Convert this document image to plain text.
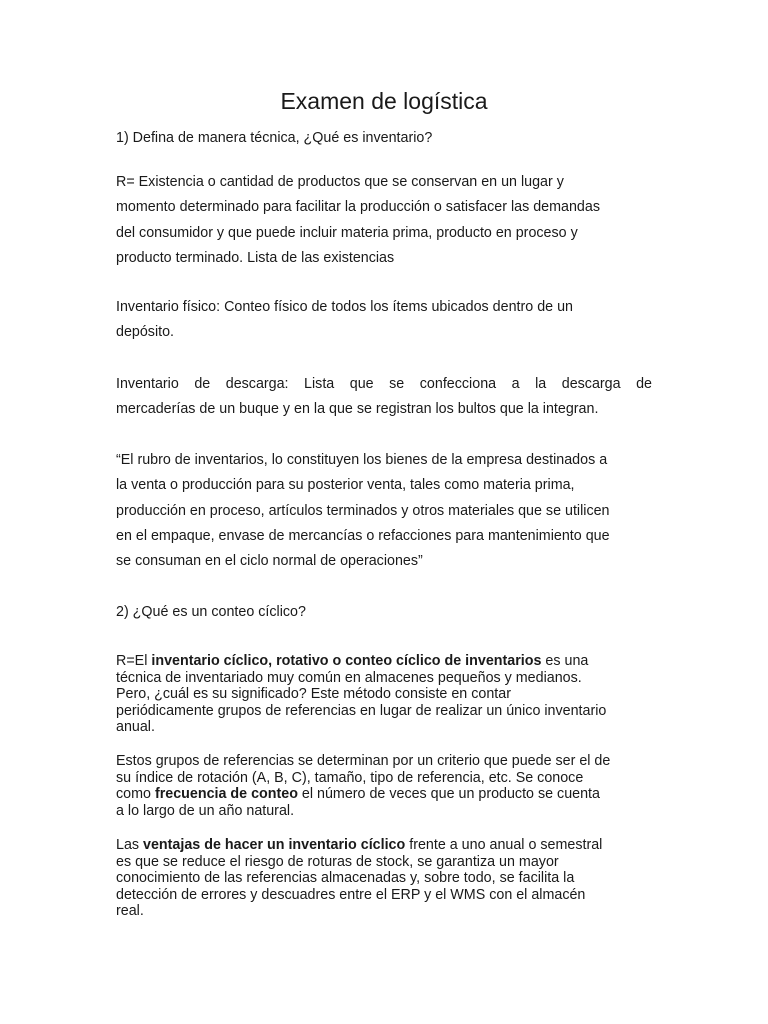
Examen de logística

1) Defina de manera técnica, ¿Qué es inventario?

R= Existencia o cantidad de productos que se conservan en un lugar y
momento determinado para facilitar la producción o satisfacer las demandas
del consumidor y que puede incluir materia prima, producto en proceso y
producto terminado. Lista de las existencias
Inventario físico: Conteo físico de todos los ítems ubicados dentro de un
depósito.
Inventario de descarga: Lista que se confecciona a la descarga de
mercaderías de un buque y en la que se registran los bultos que la integran.
“El rubro de inventarios, lo constituyen los bienes de la empresa destinados a
la venta o producción para su posterior venta, tales como materia prima,
producción en proceso, artículos terminados y otros materiales que se utilicen
en el empaque, envase de mercancías o refacciones para mantenimiento que
se consuman en el ciclo normal de operaciones”

2) ¿Qué es un conteo cíclico?

R=El inventario cíclico, rotativo o conteo cíclico de inventarios es una
técnica de inventariado muy común en almacenes pequeños y medianos.
Pero, ¿cuál es su significado? Este método consiste en contar
periódicamente grupos de referencias en lugar de realizar un único inventario
anual.
Estos grupos de referencias se determinan por un criterio que puede ser el de
su índice de rotación (A, B, C), tamaño, tipo de referencia, etc. Se conoce
como frecuencia de conteo el número de veces que un producto se cuenta
a lo largo de un año natural.
Las ventajas de hacer un inventario cíclico frente a uno anual o semestral
es que se reduce el riesgo de roturas de stock, se garantiza un mayor
conocimiento de las referencias almacenadas y, sobre todo, se facilita la
detección de errores y descuadres entre el ERP y el WMS con el almacén
real.
